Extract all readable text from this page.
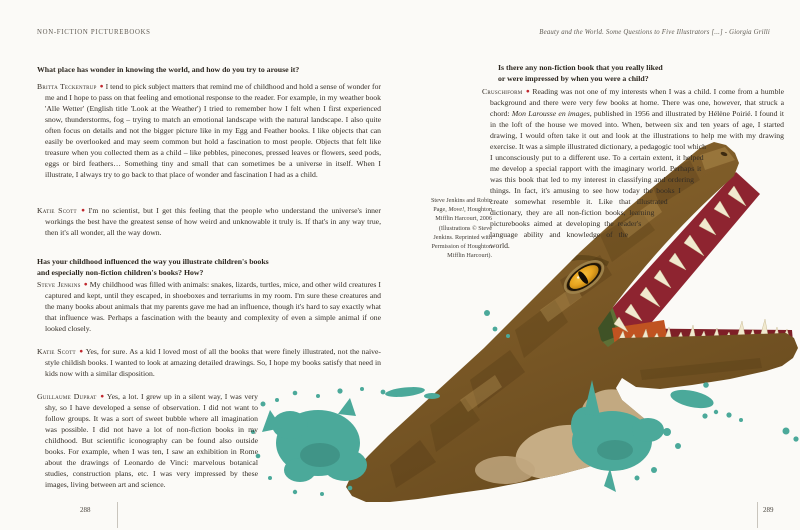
NON-FICTION PICTUREBOOKS
What place has wonder in knowing the world, and how do you try to arouse it?

Britta Teckentrup ● I tend to pick subject matters that remind me of childhood and hold a sense of wonder for me and I hope to pass on that feeling and emotional response to the reader. For example, in my weather book 'Alle Wetter' (English title 'Look at the Weather') I tried to remember how I felt when I first experienced snow, thunderstorms, fog – trying to match an emotional landscape with the natural landscape. I also quite often focus on details and not the bigger picture like in my Egg and Feather books. I like objects that can easily be overlooked and may seem common but hold a fascination to most people. Objects that felt like treasure when you collected them as a child – like pebbles, pinecones, pressed leaves or flowers, seed pods, eggs or bird feathers… Something tiny and small that can sometimes be a universe in itself. When I illustrate, I always try to go back to that place of wonder and fascination I had as a child.

Katie Scott ● I'm no scientist, but I get this feeling that the people who understand the universe's inner workings the best have the greatest sense of how weird and unknowable it truly is. If that's in any way true, then it's all wonder, all the way down.

Has your childhood influenced the way you illustrate children's books
and especially non-fiction children's books? How?

Steve Jenkins ● My childhood was filled with animals: snakes, lizards, turtles, mice, and other wild creatures I captured and kept, until they escaped, in shoeboxes and terrariums in my room. I'm sure these creatures and the many books about animals that my parents gave me had an influence, though it's hard to say exactly what that influence was. Perhaps a fascination with the beauty and complexity of even a simple animal if one looked closely.

Katie Scott ● Yes, for sure. As a kid I loved most of all the books that were finely illustrated, not the naive-style childish books. I wanted to look at amazing detailed drawings. So, I hope my books satisfy that need in kids now with a similar disposition.

Guillaume Duprat ● Yes, a lot. I grew up in a silent way, I was very shy, so I have developed a sense of observation. I did not want to follow groups. It was a sort of sweet bubble where all imagination was possible. I did not have a lot of non-fiction books in my childhood. But scientific iconography can be found also outside books. For example, when I was ten, I saw an exhibition in Rome about the drawings of Leonardo de Vinci: marvelous botanical studies, construction plans, etc. I was very impressed by these images, living between art and science.

288
Beauty and the World. Some Questions to Five Illustrators [...] - Giorgia Grilli
Is there any non-fiction book that you really liked
or were impressed by when you were a child?

Cruschiform ● Reading was not one of my interests when I was a child. I come from a humble background and there were very few books at home. There was one, however, that struck a chord: Mon Larousse en images, published in 1956 and illustrated by Hélène Poirié. I found it in the loft of the house we moved into. When, between six and ten years of age, I started drawing, I would often take it out and look at the illustrations to help me with my drawing exercise. It was a simple illustrated dictionary, a pedagogic tool which I unconsciously put to a different use. To a certain extent, it helped me develop a special rapport with the imaginary world. Perhaps it was this book that led to my interest in classifying and ordering things. In fact, it's amusing to see how today the books I create somewhat resemble it. Like that illustrated dictionary, they are all non-fiction books, learning picturebooks aimed at developing the reader's language ability and knowledge of the world.

Steve Jenkins and Robin Page, Move!, Houghton Mifflin Harcourt, 2006 (Illustrations © Steve Jenkins. Reprinted with Permission of Houghton Mifflin Harcourt).
289
